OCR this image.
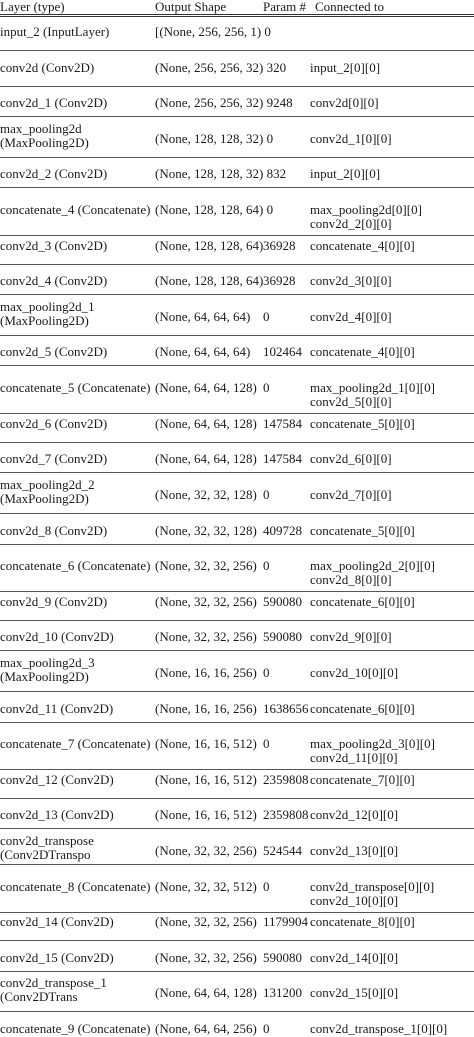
Layer (type)	Output Shape	Param # Connected to
input_2 (InputLayer)	[(None, 256, 256, 1) 0
conv2d (Conv2D)	(None, 256, 256, 32) 320 input_2[0][0]
conv2d_1 (Conv2D)	(None, 256, 256, 32) 9248 conv2d[0][0]
max_pooling2d
(MaxPooling2D)	(None, 128, 128, 32) 0	conv2d_1[0][0]
conv2d_2 (Conv2D)	(None, 128, 128, 32) 832 input_2[0][0]
concatenate_4 (Concatenate) (None, 128, 128, 64) 0	max_pooling2d[0][0]
conv2d_2[0][0]
conv2d_3 (Conv2D)	(None, 128, 128, 64) 36928 concatenate_4[0][0]
conv2d_4 (Conv2D)	(None, 128, 128, 64) 36928 conv2d_3[0][0]
max_pooling2d_1
(MaxPooling2D)	(None, 64, 64, 64) 0	conv2d_4[0][0]
conv2d_5 (Conv2D)	(None, 64, 64, 64) 102464 concatenate_4[0][0]
concatenate_5 (Concatenate) (None, 64, 64, 128) 0	max_pooling2d_1[0][0]
conv2d_5[0][0]
conv2d_6 (Conv2D)	(None, 64, 64, 128) 147584 concatenate_5[0][0]
conv2d_7 (Conv2D)	(None, 64, 64, 128) 147584 conv2d_6[0][0]
max_pooling2d_2
(MaxPooling2D)	(None, 32, 32, 128) 0	conv2d_7[0][0]
conv2d_8 (Conv2D)	(None, 32, 32, 128) 409728 concatenate_5[0][0]
concatenate_6 (Concatenate) (None, 32, 32, 256) 0	max_pooling2d_2[0][0]
conv2d_8[0][0]
conv2d_9 (Conv2D)	(None, 32, 32, 256) 590080 concatenate_6[0][0]
conv2d_10 (Conv2D)	(None, 32, 32, 256) 590080 conv2d_9[0][0]
max_pooling2d_3
(MaxPooling2D)	(None, 16, 16, 256) 0	conv2d_10[0][0]
conv2d_11 (Conv2D)	(None, 16, 16, 256) 1638656 concatenate_6[0][0]
concatenate_7 (Concatenate) (None, 16, 16, 512) 0	max_pooling2d_3[0][0]
conv2d_11[0][0]
conv2d_12 (Conv2D)	(None, 16, 16, 512) 2359808 concatenate_7[0][0]
conv2d_13 (Conv2D)	(None, 16, 16, 512) 2359808 conv2d_12[0][0]
conv2d_transpose
(Conv2DTranspo	(None, 32, 32, 256) 524544 conv2d_13[0][0]
concatenate_8 (Concatenate) (None, 32, 32, 512) 0	conv2d_transpose[0][0]
conv2d_10[0][0]
conv2d_14 (Conv2D)	(None, 32, 32, 256) 1179904 concatenate_8[0][0]
conv2d_15 (Conv2D)	(None, 32, 32, 256) 590080 conv2d_14[0][0]
conv2d_transpose_1
(Conv2DTrans	(None, 64, 64, 128) 131200 conv2d_15[0][0]
concatenate_9 (Concatenate) (None, 64, 64, 256) 0	conv2d_transpose_1[0][0]
